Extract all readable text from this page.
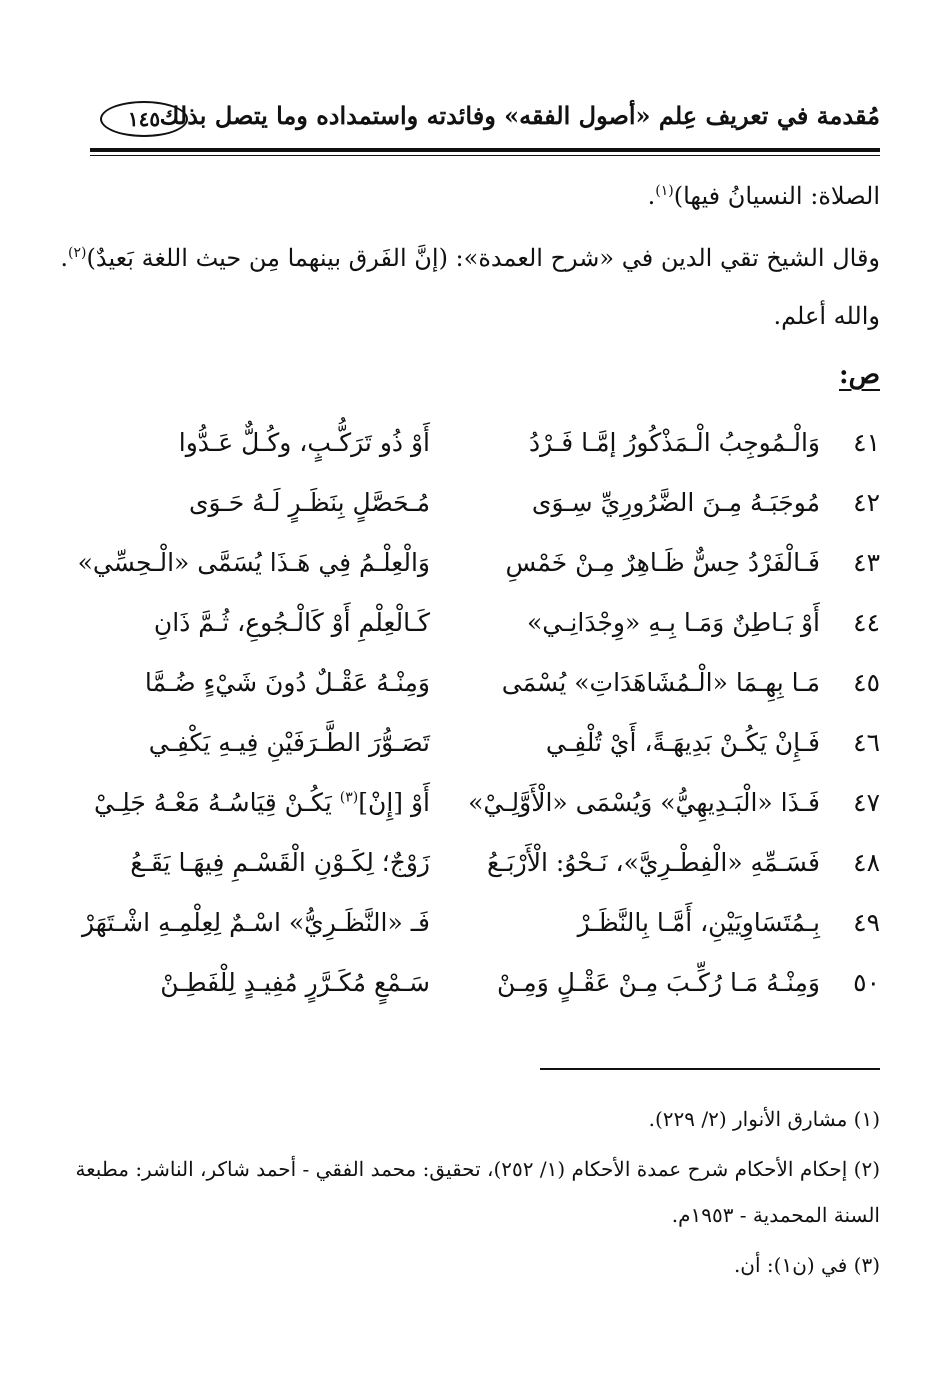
مُقدمة في تعريف عِلم «أصول الفقه» وفائدته واستمداده وما يتصل بذلك
١٤٥
الصلاة: النسيانُ فيها)$^{(١)}$.
وقال الشيخ تقي الدين في «شرح العمدة»: (إنَّ الفَرق بينهما مِن حيث اللغة بَعيدٌ)$^{(٢)}$.
والله أعلم.
ص:
٤١
وَالْـمُوجِبُ الْـمَذْكُورُ إمَّـا فَـرْدُ
أَوْ ذُو تَرَكُّـبٍ، وكُـلٌّ عَـدُّوا
٤٢
مُوجَبَـهُ مِـنَ الضَّرُورِيِّ سِـوَى
مُـحَصَّلٍ بِنَظَـرٍ لَـهُ حَـوَى
٤٣
فَـالْفَرْدُ حِسٌّ ظَـاهِرٌ مِـنْ خَمْسِ
وَالْعِلْـمُ فِي هَـذَا يُسَمَّى «الْـحِسِّي»
٤٤
أَوْ بَـاطِنٌ وَمَـا بِـهِ «وِجْدَانِـي»
كَـالْعِلْمِ أَوْ كَالْـجُوعِ، ثُـمَّ ذَانِ
٤٥
مَـا بِهِـمَا «الْـمُشَاهَدَاتِ» يُسْمَى
وَمِنْـهُ عَقْـلٌ دُونَ شَيْءٍ ضُـمَّا
٤٦
فَـإِنْ يَكُـنْ بَدِيهَـةً، أَيْ تُلْفِـي
تَصَـوُّرَ الطَّـرَفَيْنِ فِيـهِ يَكْفِـي
٤٧
فَـذَا «الْبَـدِيهِيُّ» وَيُسْمَى «الْأَوَّلِـيْ»
أَوْ [إِنْ]$^{(٣)}$ يَكُـنْ قِيَاسُـهُ مَعْـهُ جَلِـيْ
٤٨
فَسَـمِّهِ «الْفِطْـرِيَّ»، نَـحْوُ: الْأَرْبَـعُ
زَوْجٌ؛ لِكَـوْنِ الْقَسْـمِ فِيهَـا يَقَـعُ
٤٩
بِـمُتَسَاوِيَيْنِ، أَمَّـا بِالنَّظَـرْ
فَـ «النَّظَـرِيُّ» اسْـمٌ لِعِلْمِـهِ اشْـتَهَرْ
٥٠
وَمِنْـهُ مَـا رُكِّـبَ مِـنْ عَقْـلٍ وَمِـنْ
سَـمْعٍ مُكَـرَّرٍ مُفِيـدٍ لِلْفَطِـنْ
(١) مشارق الأنوار (٢/ ٢٢٩).
(٢) إحكام الأحكام شرح عمدة الأحكام (١/ ٢٥٢)، تحقيق: محمد الفقي - أحمد شاكر، الناشر: مطبعة السنة المحمدية - ١٩٥٣م.
(٣) في (ن١): أن.
